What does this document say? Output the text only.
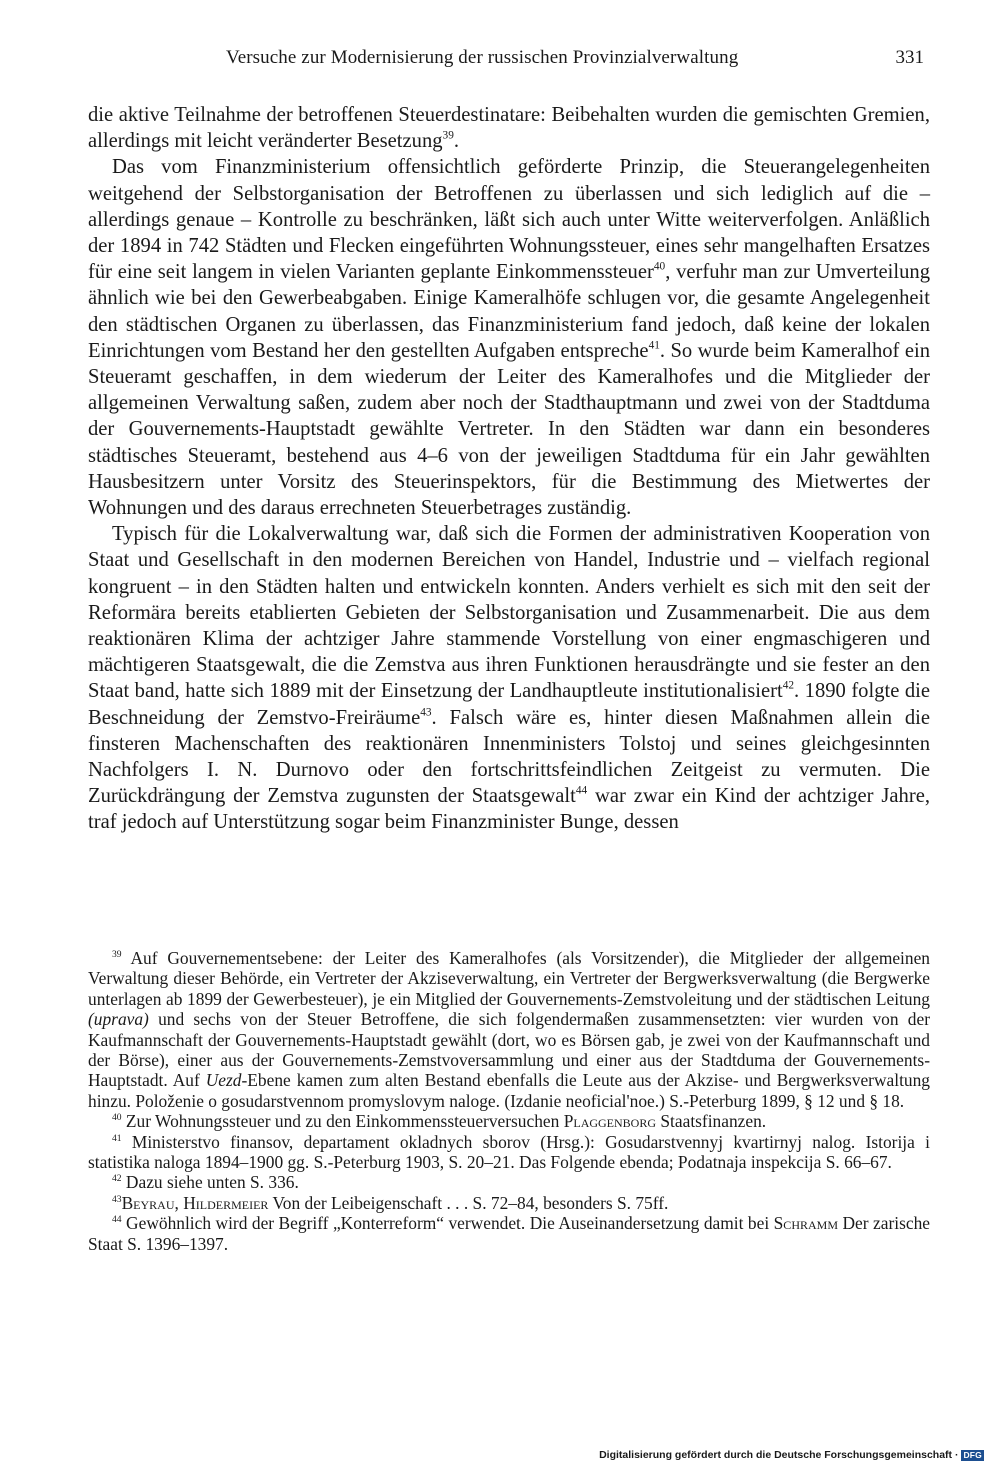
Versuche zur Modernisierung der russischen Provinzialverwaltung	331

die aktive Teilnahme der betroffenen Steuerdestinatare: Beibehalten wurden die gemischten Gremien, allerdings mit leicht veränderter Besetzung$^{39}$.

Das vom Finanzministerium offensichtlich geförderte Prinzip, die Steuerangelegenheiten weitgehend der Selbstorganisation der Betroffenen zu überlassen und sich lediglich auf die – allerdings genaue – Kontrolle zu beschränken, läßt sich auch unter Witte weiterverfolgen. Anläßlich der 1894 in 742 Städten und Flecken eingeführten Wohnungssteuer, eines sehr mangelhaften Ersatzes für eine seit langem in vielen Varianten geplante Einkommenssteuer$^{40}$, verfuhr man zur Umverteilung ähnlich wie bei den Gewerbeabgaben. Einige Kameralhöfe schlugen vor, die gesamte Angelegenheit den städtischen Organen zu überlassen, das Finanzministerium fand jedoch, daß keine der lokalen Einrichtungen vom Bestand her den gestellten Aufgaben entspreche$^{41}$. So wurde beim Kameralhof ein Steueramt geschaffen, in dem wiederum der Leiter des Kameralhofes und die Mitglieder der allgemeinen Verwaltung saßen, zudem aber noch der Stadthauptmann und zwei von der Stadtduma der Gouvernements-Hauptstadt gewählte Vertreter. In den Städten war dann ein besonderes städtisches Steueramt, bestehend aus 4–6 von der jeweiligen Stadtduma für ein Jahr gewählten Hausbesitzern unter Vorsitz des Steuerinspektors, für die Bestimmung des Mietwertes der Wohnungen und des daraus errechneten Steuerbetrages zuständig.

Typisch für die Lokalverwaltung war, daß sich die Formen der administrativen Kooperation von Staat und Gesellschaft in den modernen Bereichen von Handel, Industrie und – vielfach regional kongruent – in den Städten halten und entwickeln konnten. Anders verhielt es sich mit den seit der Reformära bereits etablierten Gebieten der Selbstorganisation und Zusammenarbeit. Die aus dem reaktionären Klima der achtziger Jahre stammende Vorstellung von einer engmaschigeren und mächtigeren Staatsgewalt, die die Zemstva aus ihren Funktionen herausdrängte und sie fester an den Staat band, hatte sich 1889 mit der Einsetzung der Landhauptleute institutionalisiert$^{42}$. 1890 folgte die Beschneidung der Zemstvo-Freiräume$^{43}$. Falsch wäre es, hinter diesen Maßnahmen allein die finsteren Machenschaften des reaktionären Innenministers Tolstoj und seines gleichgesinnten Nachfolgers I. N. Durnovo oder den fortschrittsfeindlichen Zeitgeist zu vermuten. Die Zurückdrängung der Zemstva zugunsten der Staatsgewalt$^{44}$ war zwar ein Kind der achtziger Jahre, traf jedoch auf Unterstützung sogar beim Finanzminister Bunge, dessen

$^{39}$ Auf Gouvernementsebene: der Leiter des Kameralhofes (als Vorsitzender), die Mitglieder der allgemeinen Verwaltung dieser Behörde, ein Vertreter der Akziseverwaltung, ein Vertreter der Bergwerksverwaltung (die Bergwerke unterlagen ab 1899 der Gewerbesteuer), je ein Mitglied der Gouvernements-Zemstvoleitung und der städtischen Leitung (uprava) und sechs von der Steuer Betroffene, die sich folgendermaßen zusammensetzten: vier wurden von der Kaufmannschaft der Gouvernements-Hauptstadt gewählt (dort, wo es Börsen gab, je zwei von der Kaufmannschaft und der Börse), einer aus der Gouvernements-Zemstvoversammlung und einer aus der Stadtduma der Gouvernements-Hauptstadt. Auf Uezd-Ebene kamen zum alten Bestand ebenfalls die Leute aus der Akzise- und Bergwerksverwaltung hinzu. Položenie o gosudarstvennom promyslovym naloge. (Izdanie neoficial'noe.) S.-Peterburg 1899, § 12 und § 18.

$^{40}$ Zur Wohnungssteuer und zu den Einkommenssteuerversuchen Plaggenborg Staatsfinanzen.

$^{41}$ Ministerstvo finansov, departament okladnych sborov (Hrsg.): Gosudarstvennyj kvartirnyj nalog. Istorija i statistika naloga 1894–1900 gg. S.-Peterburg 1903, S. 20–21. Das Folgende ebenda; Podatnaja inspekcija S. 66–67.

$^{42}$ Dazu siehe unten S. 336.

$^{43}$Beyrau, Hildermeier Von der Leibeigenschaft . . . S. 72–84, besonders S. 75ff.

$^{44}$ Gewöhnlich wird der Begriff „Konterreform“ verwendet. Die Auseinandersetzung damit bei Schramm Der zarische Staat S. 1396–1397.

Digitalisierung gefördert durch die Deutsche Forschungsgemeinschaft · DFG
